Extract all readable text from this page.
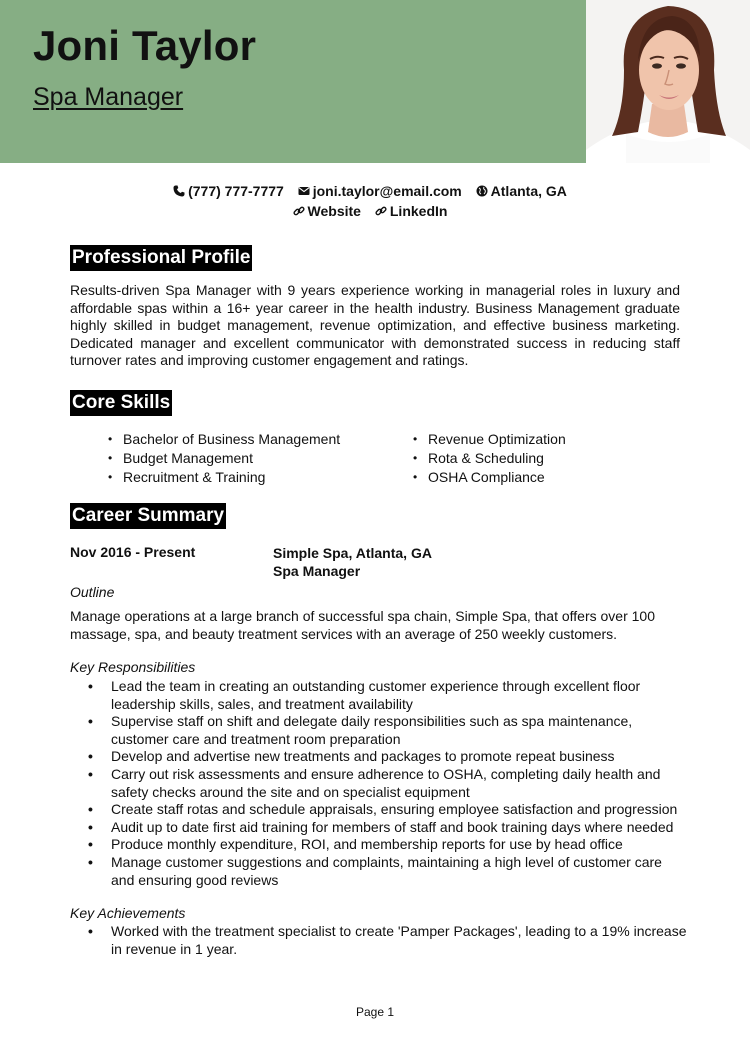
Joni Taylor
Spa Manager
(777) 777-7777 joni.taylor@email.com Atlanta, GA
Website LinkedIn
Professional Profile
Results-driven Spa Manager with 9 years experience working in managerial roles in luxury and affordable spas within a 16+ year career in the health industry. Business Management graduate highly skilled in budget management, revenue optimization, and effective business marketing. Dedicated manager and excellent communicator with demonstrated success in reducing staff turnover rates and improving customer engagement and ratings.
Core Skills
• Bachelor of Business Management
• Budget Management
• Recruitment & Training
• Revenue Optimization
• Rota & Scheduling
• OSHA Compliance
Career Summary
Nov 2016 - Present	Simple Spa, Atlanta, GA
Spa Manager
Outline
Manage operations at a large branch of successful spa chain, Simple Spa, that offers over 100 massage, spa, and beauty treatment services with an average of 250 weekly customers.
Key Responsibilities
• Lead the team in creating an outstanding customer experience through excellent floor leadership skills, sales, and treatment availability
• Supervise staff on shift and delegate daily responsibilities such as spa maintenance, customer care and treatment room preparation
• Develop and advertise new treatments and packages to promote repeat business
• Carry out risk assessments and ensure adherence to OSHA, completing daily health and safety checks around the site and on specialist equipment
• Create staff rotas and schedule appraisals, ensuring employee satisfaction and progression
• Audit up to date first aid training for members of staff and book training days where needed
• Produce monthly expenditure, ROI, and membership reports for use by head office
• Manage customer suggestions and complaints, maintaining a high level of customer care and ensuring good reviews
Key Achievements
• Worked with the treatment specialist to create 'Pamper Packages', leading to a 19% increase in revenue in 1 year.
Page 1
